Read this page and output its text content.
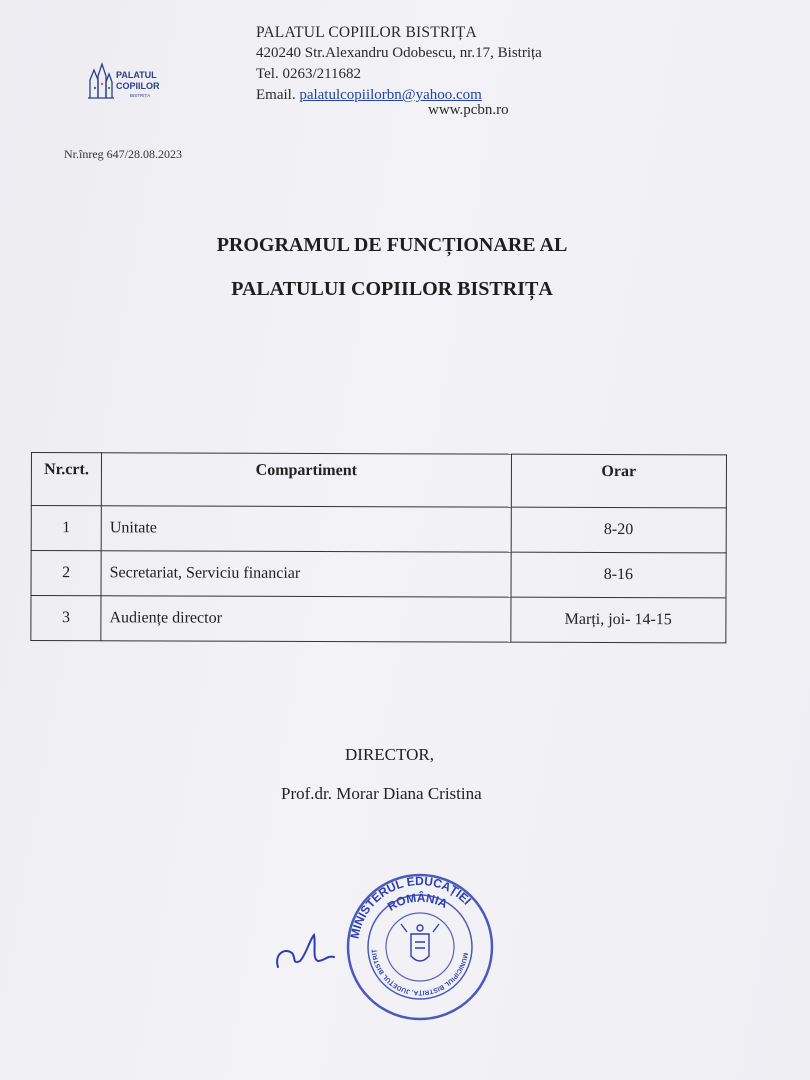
PALATUL
COPIILOR
BISTRIȚA
PALATUL COPIILOR BISTRIȚA
420240 Str.Alexandru Odobescu, nr.17, Bistrița
Tel. 0263/211682
Email. palatulcopiilorbn@yahoo.com
www.pcbn.ro
Nr.înreg 647/28.08.2023
PROGRAMUL DE FUNCȚIONARE AL
PALATULUI COPIILOR BISTRIȚA
Nr.crt.	Compartiment	Orar
1	Unitate	8-20
2	Secretariat, Serviciu financiar	8-16
3	Audiențe director	Marți, joi- 14-15
DIRECTOR,
Prof.dr. Morar Diana Cristina
ROMÂNIA
MINISTERUL EDUCAȚIEI
MUNICIPIUL BISTRIȚA, JUDEȚUL BISTRIȚ
